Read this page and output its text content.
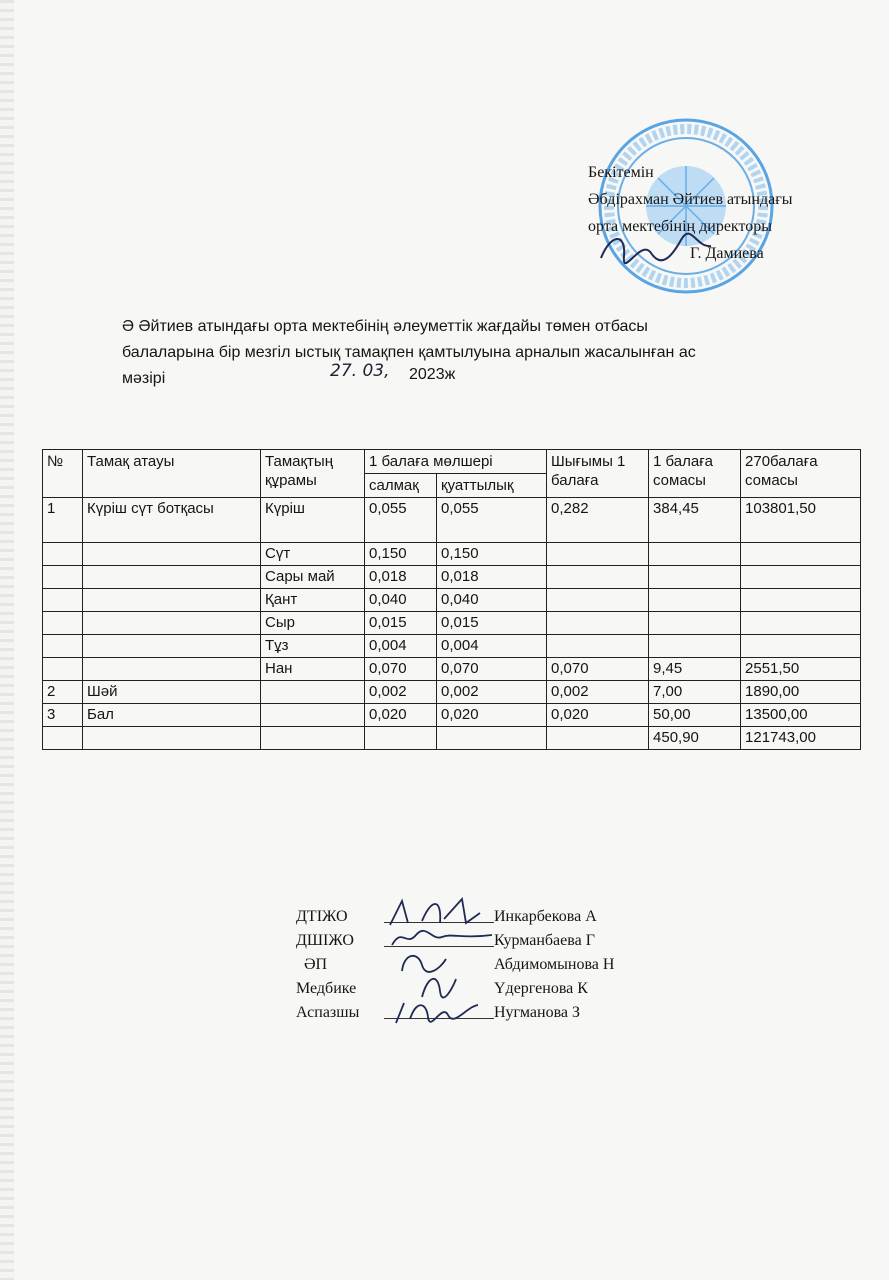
Бекітемін
Әбдірахман Әйтиев атындағы
орта мектебінің директоры
Г. Дамиева
Ә Әйтиев атындағы орта мектебінің әлеуметтік жағдайы төмен отбасы
балаларына бір мезгіл ыстық тамақпен қамтылуына арналып жасалынған ас
мәзірі	27. 03, 2023ж
№	Тамақ атауы	Тамақтың құрамы	1 балаға мөлшері		Шығымы 1 балаға	1 балаға сомасы	270балаға сомасы
			салмақ	қуаттылық			
1	Күріш сүт ботқасы	Күріш	0,055	0,055	0,282	384,45	103801,50
		Сүт	0,150	0,150			
		Сары май	0,018	0,018			
		Қант	0,040	0,040			
		Сыр	0,015	0,015			
		Тұз	0,004	0,004			
		Нан	0,070	0,070	0,070	9,45	2551,50
2	Шәй		0,002	0,002	0,002	7,00	1890,00
3	Бал		0,020	0,020	0,020	50,00	13500,00
						450,90	121743,00
ДТІЖО	Инкарбекова А
ДШІЖО	Курманбаева Г
ӘП	Абдимомынова Н
Медбике	Үдергенова К
Аспазшы	Нугманова З
